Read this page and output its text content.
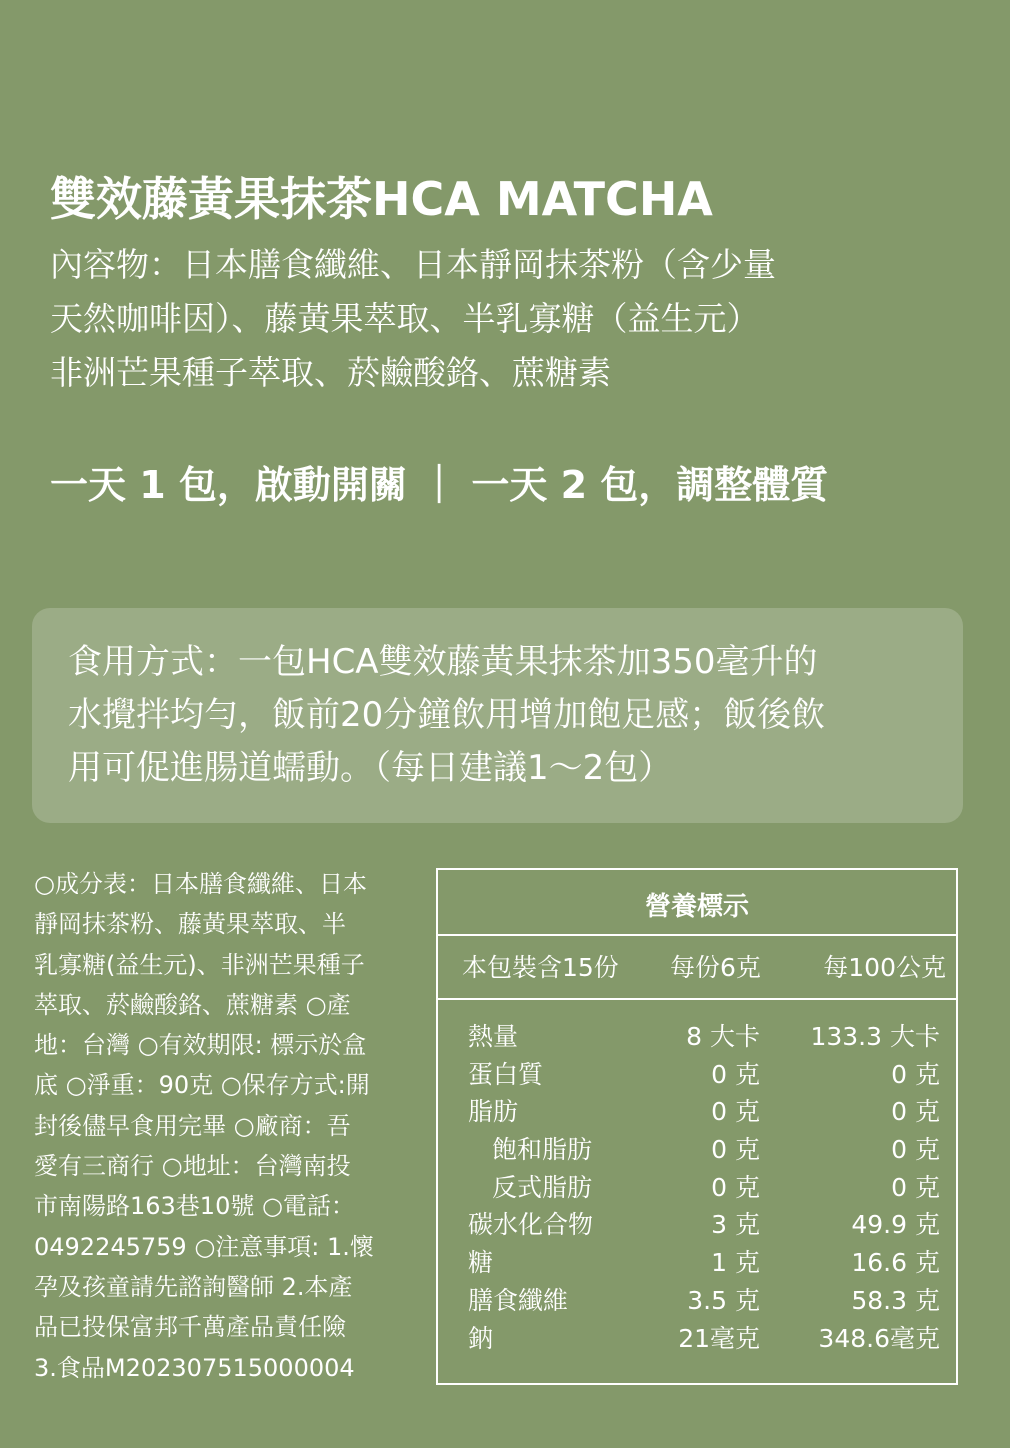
雙效藤黃果抹茶HCA MATCHA

內容物：日本膳食纖維、日本靜岡抹茶粉（含少量

天然咖啡因）、藤黃果萃取、半乳寡糖（益生元）

非洲芒果種子萃取、菸鹼酸鉻、蔗糖素

一天 1 包，啟動開關 ｜ 一天 2 包，調整體質

食用方式：一包HCA雙效藤黃果抹茶加350毫升的

水攪拌均勻，飯前20分鐘飲用增加飽足感；飯後飲

用可促進腸道蠕動。（每日建議1～2包）

○成分表：日本膳食纖維、日本

靜岡抹茶粉、藤黃果萃取、半

乳寡糖(益生元)、非洲芒果種子

萃取、菸鹼酸鉻、蔗糖素 ○產

地：台灣 ○有效期限: 標示於盒

底 ○淨重：90克 ○保存方式:開

封後儘早食用完畢 ○廠商：吾

愛有三商行 ○地址：台灣南投

市南陽路163巷10號 ○電話：

0492245759 ○注意事項: 1.懷

孕及孩童請先諮詢醫師 2.本產

品已投保富邦千萬產品責任險

3.食品M202307515000004

營養標示
本包裝含15份 每份6克 每100公克
熱量	8 大卡 133.3 大卡
蛋白質	0 克	0 克
脂肪	0 克	0 克
飽和脂肪	0 克	0 克
反式脂肪	0 克	0 克
碳水化合物	3 克	49.9 克
糖	1 克	16.6 克
膳食纖維	3.5 克	58.3 克
鈉	21毫克 348.6毫克
